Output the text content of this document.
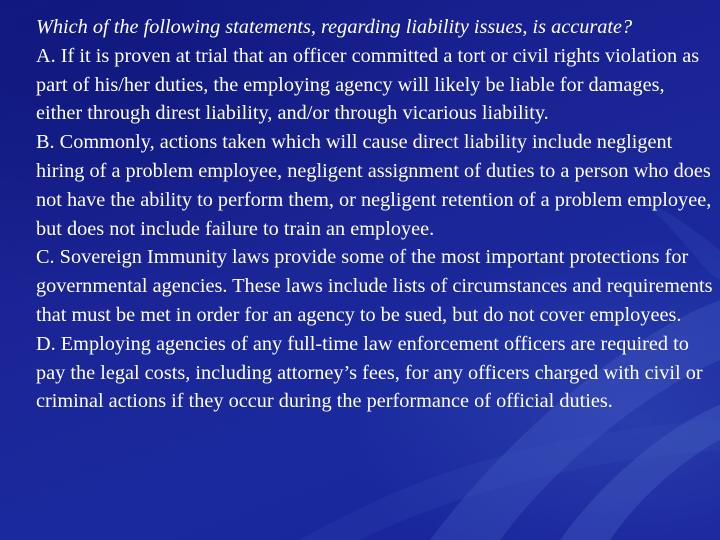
Which of the following statements, regarding liability issues, is accurate?

A. If it is proven at trial that an officer committed a tort or civil rights violation as part of his/her duties, the employing agency will likely be liable for damages, either through direst liability, and/or through vicarious liability.

B. Commonly, actions taken which will cause direct liability include negligent hiring of a problem employee, negligent assignment of duties to a person who does not have the ability to perform them, or negligent retention of a problem employee, but does not include failure to train an employee.

C. Sovereign Immunity laws provide some of the most important protections for governmental agencies. These laws include lists of circumstances and requirements that must be met in order for an agency to be sued, but do not cover employees.

D. Employing agencies of any full-time law enforcement officers are required to pay the legal costs, including attorney’s fees, for any officers charged with civil or criminal actions if they occur during the performance of official duties.
